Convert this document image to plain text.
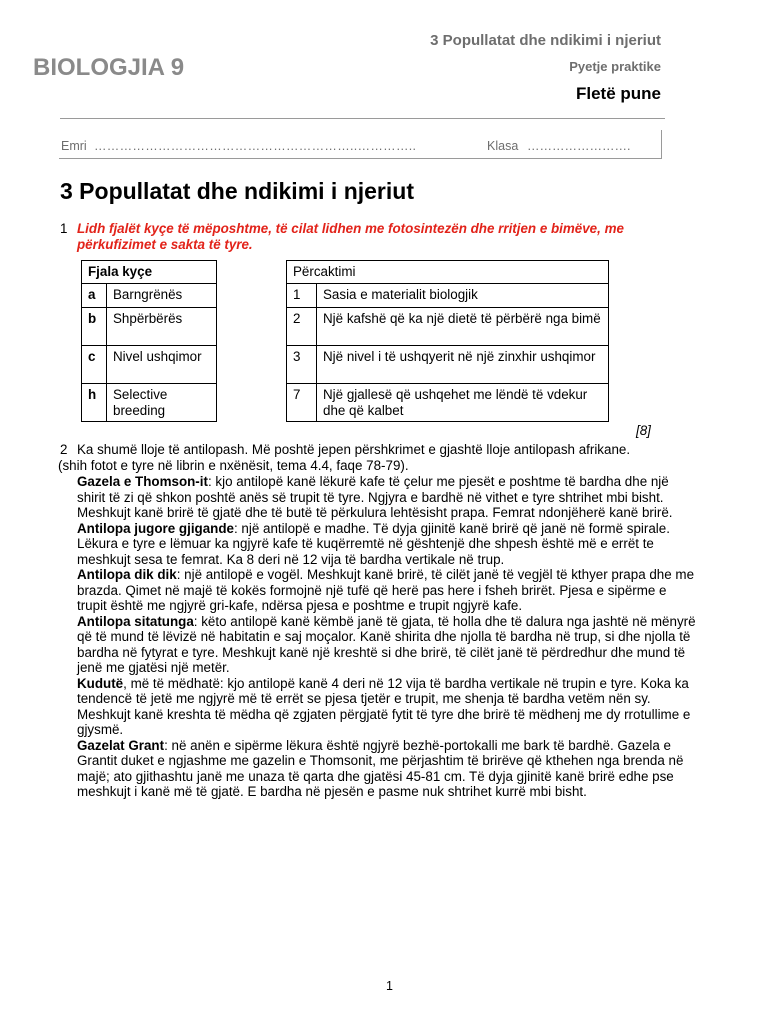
BIOLOGJIA 9
3 Popullatat dhe ndikimi i njeriut
Pyetje praktike
Fletë pune
Emri ……………………………………………………..…………..	Klasa …………………….
3 Popullatat dhe ndikimi i njeriut
1 Lidh fjalët kyçe të mëposhtme, të cilat lidhen me fotosintezën dhe rritjen e bimëve, me përkufizimet e sakta të tyre.
Fjala kyçe	
a	Barngrënës
b	Shpërbërës
c	Nivel ushqimor
h	Selective breeding
Përcaktimi	
1	Sasia e materialit biologjik
2	Një kafshë që ka një dietë të përbërë nga bimë
3	Një nivel i të ushqyerit në një zinxhir ushqimor
7	Një gjallesë që ushqehet me lëndë të vdekur dhe që kalbet
[8]
2 Ka shumë lloje të antilopash. Më poshtë jepen përshkrimet e gjashtë lloje antilopash afrikane.
(shih fotot e tyre në librin e nxënësit, tema 4.4, faqe 78-79).

Gazela e Thomson-it: kjo antilopë kanë lëkurë kafe të çelur me pjesët e poshtme të bardha dhe një shirit të zi që shkon poshtë anës së trupit të tyre. Ngjyra e bardhë në vithet e tyre shtrihet mbi bisht. Meshkujt kanë brirë të gjatë dhe të butë të përkulura lehtësisht prapa. Femrat ndonjëherë kanë brirë.

Antilopa jugore gjigande: një antilopë e madhe. Të dyja gjinitë kanë brirë që janë në formë spirale. Lëkura e tyre e lëmuar ka ngjyrë kafe të kuqërremtë në gështenjë dhe shpesh është më e errët te meshkujt sesa te femrat. Ka 8 deri në 12 vija të bardha vertikale në trup.

Antilopa dik dik: një antilopë e vogël. Meshkujt kanë brirë, të cilët janë të vegjël të kthyer prapa dhe me brazda. Qimet në majë të kokës formojnë një tufë që herë pas here i fsheh brirët. Pjesa e sipërme e trupit është me ngjyrë gri-kafe, ndërsa pjesa e poshtme e trupit ngjyrë kafe.

Antilopa sitatunga: këto antilopë kanë këmbë janë të gjata, të holla dhe të dalura nga jashtë në mënyrë që të mund të lëvizë në habitatin e saj moçalor. Kanë shirita dhe njolla të bardha në trup, si dhe njolla të bardha në fytyrat e tyre. Meshkujt kanë një kreshtë si dhe brirë, të cilët janë të përdredhur dhe mund të jenë me gjatësi një metër.

Kudutë, më të mëdhatë: kjo antilopë kanë 4 deri në 12 vija të bardha vertikale në trupin e tyre. Koka ka tendencë të jetë me ngjyrë më të errët se pjesa tjetër e trupit, me shenja të bardha vetëm nën sy. Meshkujt kanë kreshta të mëdha që zgjaten përgjatë fytit të tyre dhe brirë të mëdhenj me dy rrotullime e gjysmë.

Gazelat Grant: në anën e sipërme lëkura është ngjyrë bezhë-portokalli me bark të bardhë. Gazela e Grantit duket e ngjashme me gazelin e Thomsonit, me përjashtim të brirëve që kthehen nga brenda në majë; ato gjithashtu janë me unaza të qarta dhe gjatësi 45-81 cm. Të dyja gjinitë kanë brirë edhe pse meshkujt i kanë më të gjatë. E bardha në pjesën e pasme nuk shtrihet kurrë mbi bisht.

1
